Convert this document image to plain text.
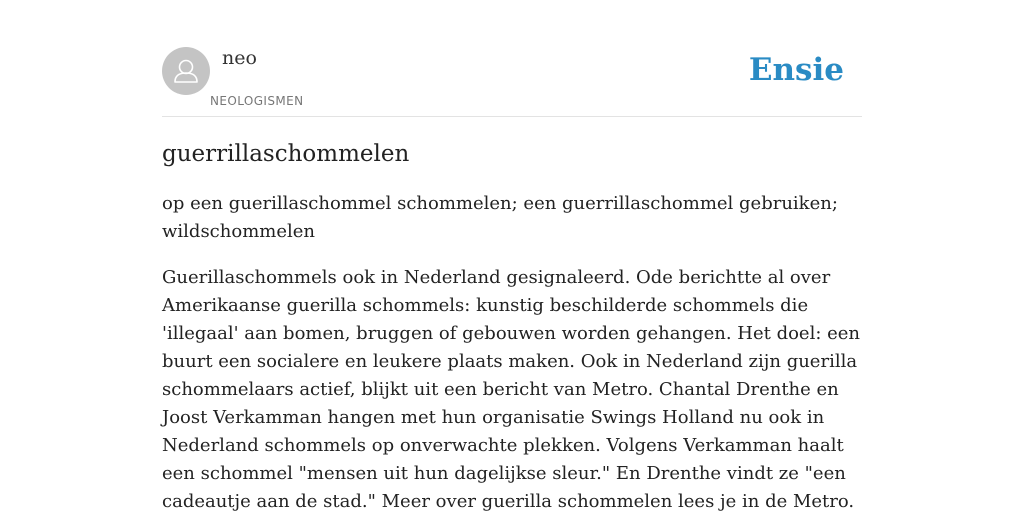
neo
NEOLOGISMEN
Ensie
guerrillaschommelen

op een guerillaschommel schommelen; een guerrillaschommel gebruiken; wildschommelen

Guerillaschommels ook in Nederland gesignaleerd. Ode berichtte al over Amerikaanse guerilla schommels: kunstig beschilderde schommels die 'illegaal' aan bomen, bruggen of gebouwen worden gehangen. Het doel: een buurt een socialere en leukere plaats maken. Ook in Nederland zijn guerilla schommelaars actief, blijkt uit een bericht van Metro. Chantal Drenthe en Joost Verkamman hangen met hun organisatie Swings Holland nu ook in Nederland schommels op onverwachte plekken. Volgens Verkamman haalt een schommel "mensen uit hun dagelijkse sleur." En Drenthe vindt ze "een cadeautje aan de stad." Meer over guerilla schommelen lees je in de Metro.
